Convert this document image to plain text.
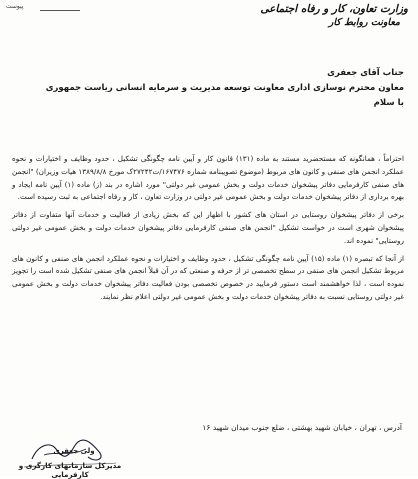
پیوست	وزارت تعاون، کار و رفاه اجتماعی
معاونت روابط کار
جناب آقای جعفری
معاون محترم نوسازی اداری معاونت توسعه مدیریت و سرمایه انسانی ریاست جمهوری
با سلام

احتراماً ، همانگونه که مستحضرید مستند به ماده (۱۳۱) قانون کار و آیین نامه چگونگی تشکیل ، حدود وظایف و اختیارات و نحوه عملکرد انجمن های صنفی و کانون های مربوط (موضوع تصویبنامه شماره ۱۶۷۴۷۶/ت۲۷۲۴۲ک مورخ ۱۳۸۹/۸/۸ هیات وزیران) "انجمن های صنفی کارفرمایی دفاتر پیشخوان خدمات دولت و بخش عمومی غیر دولتی" مورد اشاره در بند (ز) ماده (۱) آیین نامه ایجاد و بهره برداری از دفاتر پیشخوان خدمات دولت و بخش عمومی غیر دولتی در وزارت تعاون ، کار و رفاه اجتماعی به ثبت رسیده است.

برخی از دفاتر پیشخوان روستایی در استان های کشور با اظهار این که بخش زیادی از فعالیت و خدمات آنها متفاوت از دفاتر پیشخوان شهری است در خواست تشکیل "انجمن های صنفی کارفرمایی دفاتر پیشخوان خدمات دولت و بخش عمومی غیر دولتی روستایی" نموده اند.

از آنجا که تبصره (۱) ماده (۱۵) آیین نامه چگونگی تشکیل ، حدود وظایف و اختیارات و نحوه عملکرد انجمن های صنفی و کانون های مربوط تشکیل انجمن های صنفی در سطح تخصصی تر از حرفه و صنعتی که در آن قبلاً انجمن های صنفی تشکیل شده است را تجویز نموده است ، لذا خواهشمند است دستور فرمایید در خصوص تخصصی بودن فعالیت دفاتر پیشخوان خدمات دولت و بخش عمومی غیر دولتی روستایی نسبت به دفاتر پیشخوان خدمات دولت و بخش عمومی غیر دولتی اعلام نظر نمایند.

آدرس ، تهران ، خیابان شهید بهشتی ، ضلع جنوب میدان شهید ۱۶
ولی جعفری
مدیرکل سازمانهای کارگری و کارفرمایی
